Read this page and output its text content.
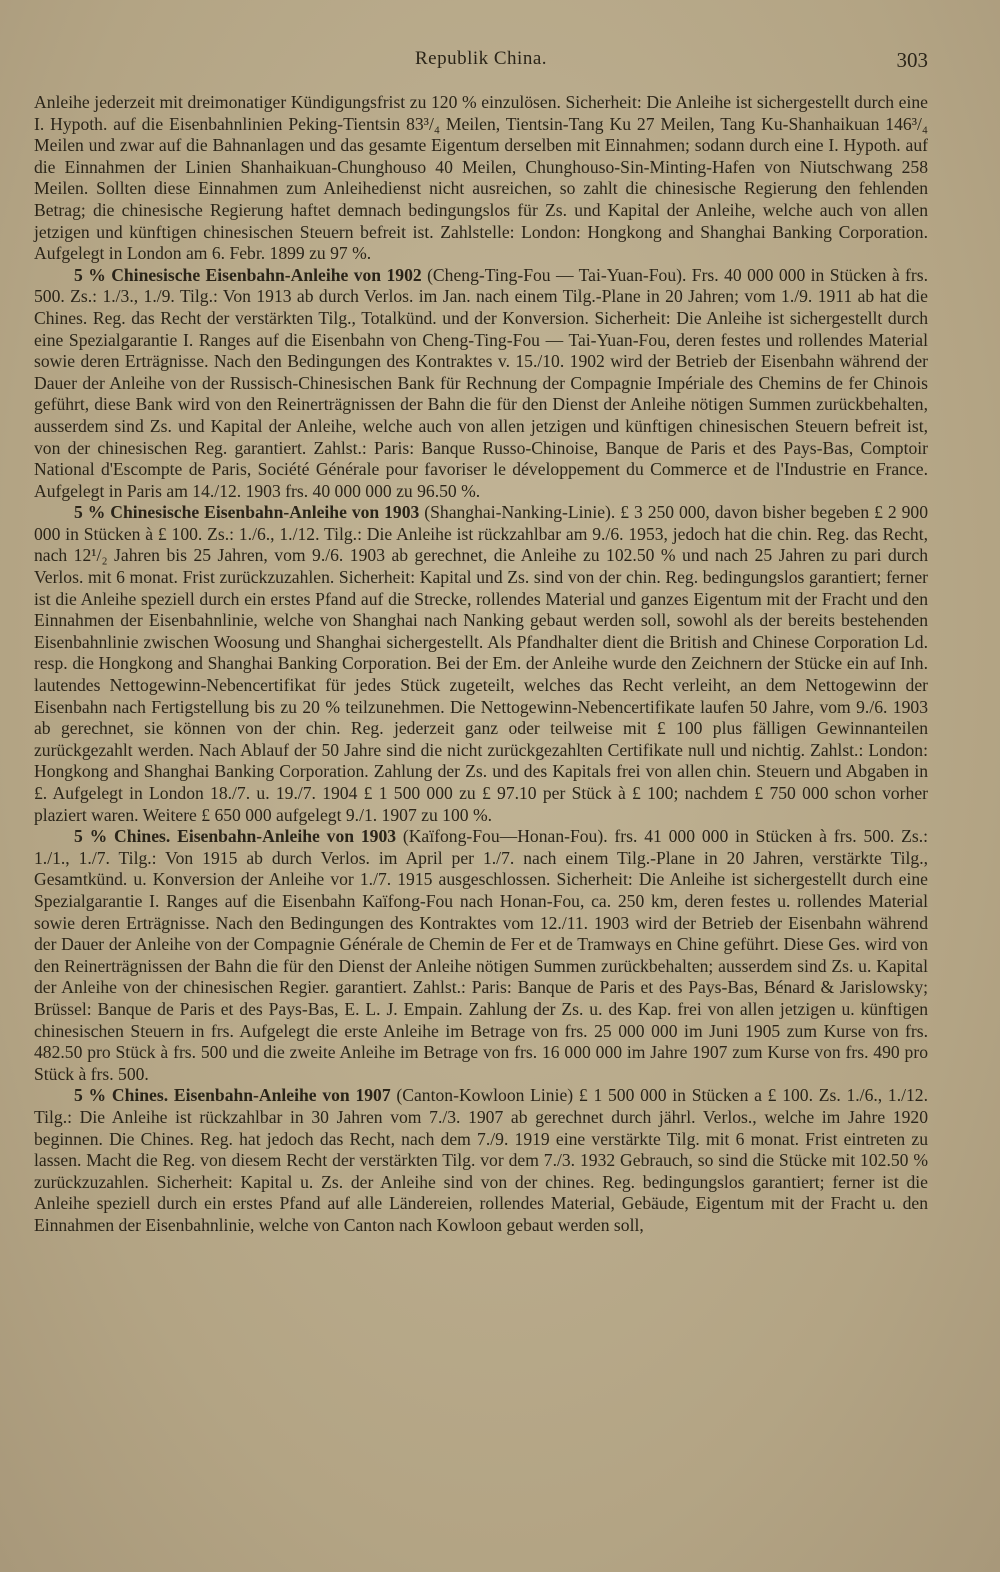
Republik China.	303

Anleihe jederzeit mit dreimonatiger Kündigungsfrist zu 120 % einzulösen. Sicherheit: Die Anleihe ist sichergestellt durch eine I. Hypoth. auf die Eisenbahnlinien Peking-Tientsin 83³/₄ Meilen, Tientsin-Tang Ku 27 Meilen, Tang Ku-Shanhaikuan 146³/₄ Meilen und zwar auf die Bahnanlagen und das gesamte Eigentum derselben mit Einnahmen; sodann durch eine I. Hypoth. auf die Einnahmen der Linien Shanhaikuan-Chunghouso 40 Meilen, Chunghouso-Sin-Minting-Hafen von Niutschwang 258 Meilen. Sollten diese Einnahmen zum Anleihedienst nicht ausreichen, so zahlt die chinesische Regierung den fehlenden Betrag; die chinesische Regierung haftet demnach bedingungslos für Zs. und Kapital der Anleihe, welche auch von allen jetzigen und künftigen chinesischen Steuern befreit ist. Zahlstelle: London: Hongkong and Shanghai Banking Corporation. Aufgelegt in London am 6. Febr. 1899 zu 97 %.

5 % Chinesische Eisenbahn-Anleihe von 1902 (Cheng-Ting-Fou — Tai-Yuan-Fou). Frs. 40 000 000 in Stücken à frs. 500. Zs.: 1./3., 1./9. Tilg.: Von 1913 ab durch Verlos. im Jan. nach einem Tilg.-Plane in 20 Jahren; vom 1./9. 1911 ab hat die Chines. Reg. das Recht der verstärkten Tilg., Totalkünd. und der Konversion. Sicherheit: Die Anleihe ist sichergestellt durch eine Spezialgarantie I. Ranges auf die Eisenbahn von Cheng-Ting-Fou — Tai-Yuan-Fou, deren festes und rollendes Material sowie deren Erträgnisse. Nach den Bedingungen des Kontraktes v. 15./10. 1902 wird der Betrieb der Eisenbahn während der Dauer der Anleihe von der Russisch-Chinesischen Bank für Rechnung der Compagnie Impériale des Chemins de fer Chinois geführt, diese Bank wird von den Reinerträgnissen der Bahn die für den Dienst der Anleihe nötigen Summen zurückbehalten, ausserdem sind Zs. und Kapital der Anleihe, welche auch von allen jetzigen und künftigen chinesischen Steuern befreit ist, von der chinesischen Reg. garantiert. Zahlst.: Paris: Banque Russo-Chinoise, Banque de Paris et des Pays-Bas, Comptoir National d'Escompte de Paris, Société Générale pour favoriser le développement du Commerce et de l'Industrie en France. Aufgelegt in Paris am 14./12. 1903 frs. 40 000 000 zu 96.50 %.

5 % Chinesische Eisenbahn-Anleihe von 1903 (Shanghai-Nanking-Linie). £ 3 250 000, davon bisher begeben £ 2 900 000 in Stücken à £ 100. Zs.: 1./6., 1./12. Tilg.: Die Anleihe ist rückzahlbar am 9./6. 1953, jedoch hat die chin. Reg. das Recht, nach 12¹/₂ Jahren bis 25 Jahren, vom 9./6. 1903 ab gerechnet, die Anleihe zu 102.50 % und nach 25 Jahren zu pari durch Verlos. mit 6 monat. Frist zurückzuzahlen. Sicherheit: Kapital und Zs. sind von der chin. Reg. bedingungslos garantiert; ferner ist die Anleihe speziell durch ein erstes Pfand auf die Strecke, rollendes Material und ganzes Eigentum mit der Fracht und den Einnahmen der Eisenbahnlinie, welche von Shanghai nach Nanking gebaut werden soll, sowohl als der bereits bestehenden Eisenbahnlinie zwischen Woosung und Shanghai sichergestellt. Als Pfandhalter dient die British and Chinese Corporation Ld. resp. die Hongkong and Shanghai Banking Corporation. Bei der Em. der Anleihe wurde den Zeichnern der Stücke ein auf Inh. lautendes Nettogewinn-Nebencertifikat für jedes Stück zugeteilt, welches das Recht verleiht, an dem Nettogewinn der Eisenbahn nach Fertigstellung bis zu 20 % teilzunehmen. Die Nettogewinn-Nebencertifikate laufen 50 Jahre, vom 9./6. 1903 ab gerechnet, sie können von der chin. Reg. jederzeit ganz oder teilweise mit £ 100 plus fälligen Gewinnanteilen zurückgezahlt werden. Nach Ablauf der 50 Jahre sind die nicht zurückgezahlten Certifikate null und nichtig. Zahlst.: London: Hongkong and Shanghai Banking Corporation. Zahlung der Zs. und des Kapitals frei von allen chin. Steuern und Abgaben in £. Aufgelegt in London 18./7. u. 19./7. 1904 £ 1 500 000 zu £ 97.10 per Stück à £ 100; nachdem £ 750 000 schon vorher plaziert waren. Weitere £ 650 000 aufgelegt 9./1. 1907 zu 100 %.

5 % Chines. Eisenbahn-Anleihe von 1903 (Kaïfong-Fou—Honan-Fou). frs. 41 000 000 in Stücken à frs. 500. Zs.: 1./1., 1./7. Tilg.: Von 1915 ab durch Verlos. im April per 1./7. nach einem Tilg.-Plane in 20 Jahren, verstärkte Tilg., Gesamtkünd. u. Konversion der Anleihe vor 1./7. 1915 ausgeschlossen. Sicherheit: Die Anleihe ist sichergestellt durch eine Spezialgarantie I. Ranges auf die Eisenbahn Kaïfong-Fou nach Honan-Fou, ca. 250 km, deren festes u. rollendes Material sowie deren Erträgnisse. Nach den Bedingungen des Kontraktes vom 12./11. 1903 wird der Betrieb der Eisenbahn während der Dauer der Anleihe von der Compagnie Générale de Chemin de Fer et de Tramways en Chine geführt. Diese Ges. wird von den Reinerträgnissen der Bahn die für den Dienst der Anleihe nötigen Summen zurückbehalten; ausserdem sind Zs. u. Kapital der Anleihe von der chinesischen Regier. garantiert. Zahlst.: Paris: Banque de Paris et des Pays-Bas, Bénard & Jarislowsky; Brüssel: Banque de Paris et des Pays-Bas, E. L. J. Empain. Zahlung der Zs. u. des Kap. frei von allen jetzigen u. künftigen chinesischen Steuern in frs. Aufgelegt die erste Anleihe im Betrage von frs. 25 000 000 im Juni 1905 zum Kurse von frs. 482.50 pro Stück à frs. 500 und die zweite Anleihe im Betrage von frs. 16 000 000 im Jahre 1907 zum Kurse von frs. 490 pro Stück à frs. 500.

5 % Chines. Eisenbahn-Anleihe von 1907 (Canton-Kowloon Linie) £ 1 500 000 in Stücken a £ 100. Zs. 1./6., 1./12. Tilg.: Die Anleihe ist rückzahlbar in 30 Jahren vom 7./3. 1907 ab gerechnet durch jährl. Verlos., welche im Jahre 1920 beginnen. Die Chines. Reg. hat jedoch das Recht, nach dem 7./9. 1919 eine verstärkte Tilg. mit 6 monat. Frist eintreten zu lassen. Macht die Reg. von diesem Recht der verstärkten Tilg. vor dem 7./3. 1932 Gebrauch, so sind die Stücke mit 102.50 % zurückzuzahlen. Sicherheit: Kapital u. Zs. der Anleihe sind von der chines. Reg. bedingungslos garantiert; ferner ist die Anleihe speziell durch ein erstes Pfand auf alle Ländereien, rollendes Material, Gebäude, Eigentum mit der Fracht u. den Einnahmen der Eisenbahnlinie, welche von Canton nach Kowloon gebaut werden soll,
